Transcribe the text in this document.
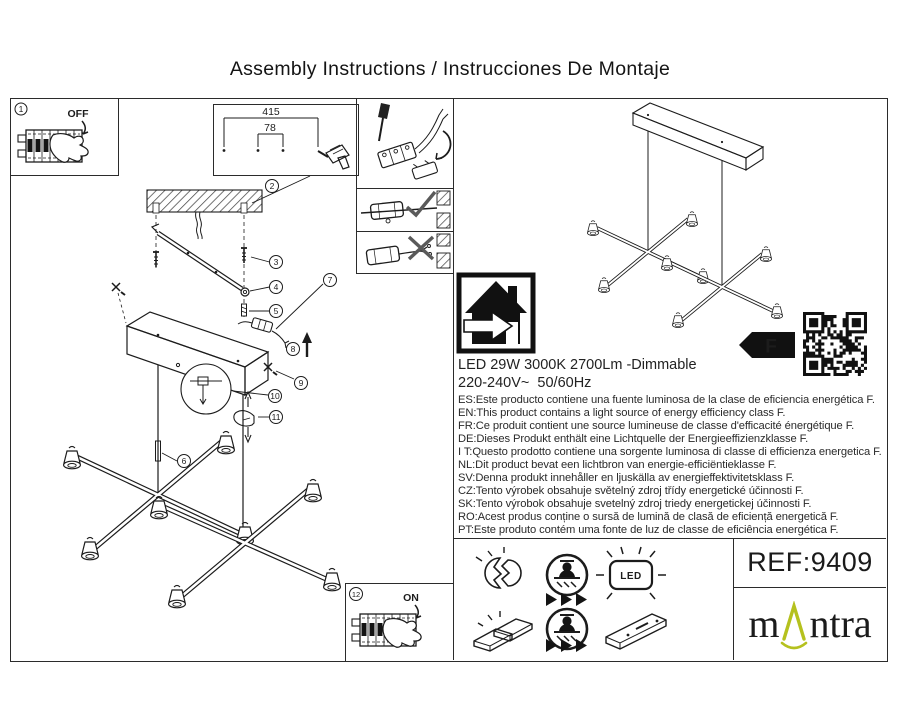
Assembly Instructions / Instrucciones De Montaje
1	OFF	415
78
2
3
4
5
7
8
9
10
11
6
LED 29W 3000K 2700Lm -Dimmable
220-240V~  50/60Hz
ES:Este producto contiene una fuente luminosa de la clase de eficiencia energética F.
EN:This product contains a light source of energy efficiency class F.
FR:Ce produit contient une source lumineuse de classe d'efficacité énergétique F.
DE:Dieses Produkt enthält eine Lichtquelle der Energieeffizienzklasse F.
I T:Questo prodotto contiene una sorgente luminosa di classe di efficienza energetica F.
NL:Dit product bevat een lichtbron van energie-efficiëntieklasse F.
SV:Denna produkt innehåller en ljuskälla av energieffektivitetsklass F.
CZ:Tento výrobek obsahuje světelný zdroj třídy energetické účinnosti F.
SK:Tento výrobok obsahuje svetelný zdroj triedy energetickej účinnosti F.
RO:Acest produs conține o sursă de lumină de clasă de eficiență energetică F.
PT:Este produto contém uma fonte de luz de classe de eficiência energética F.
F
LED	REF:9409
m ntra
12	ON
